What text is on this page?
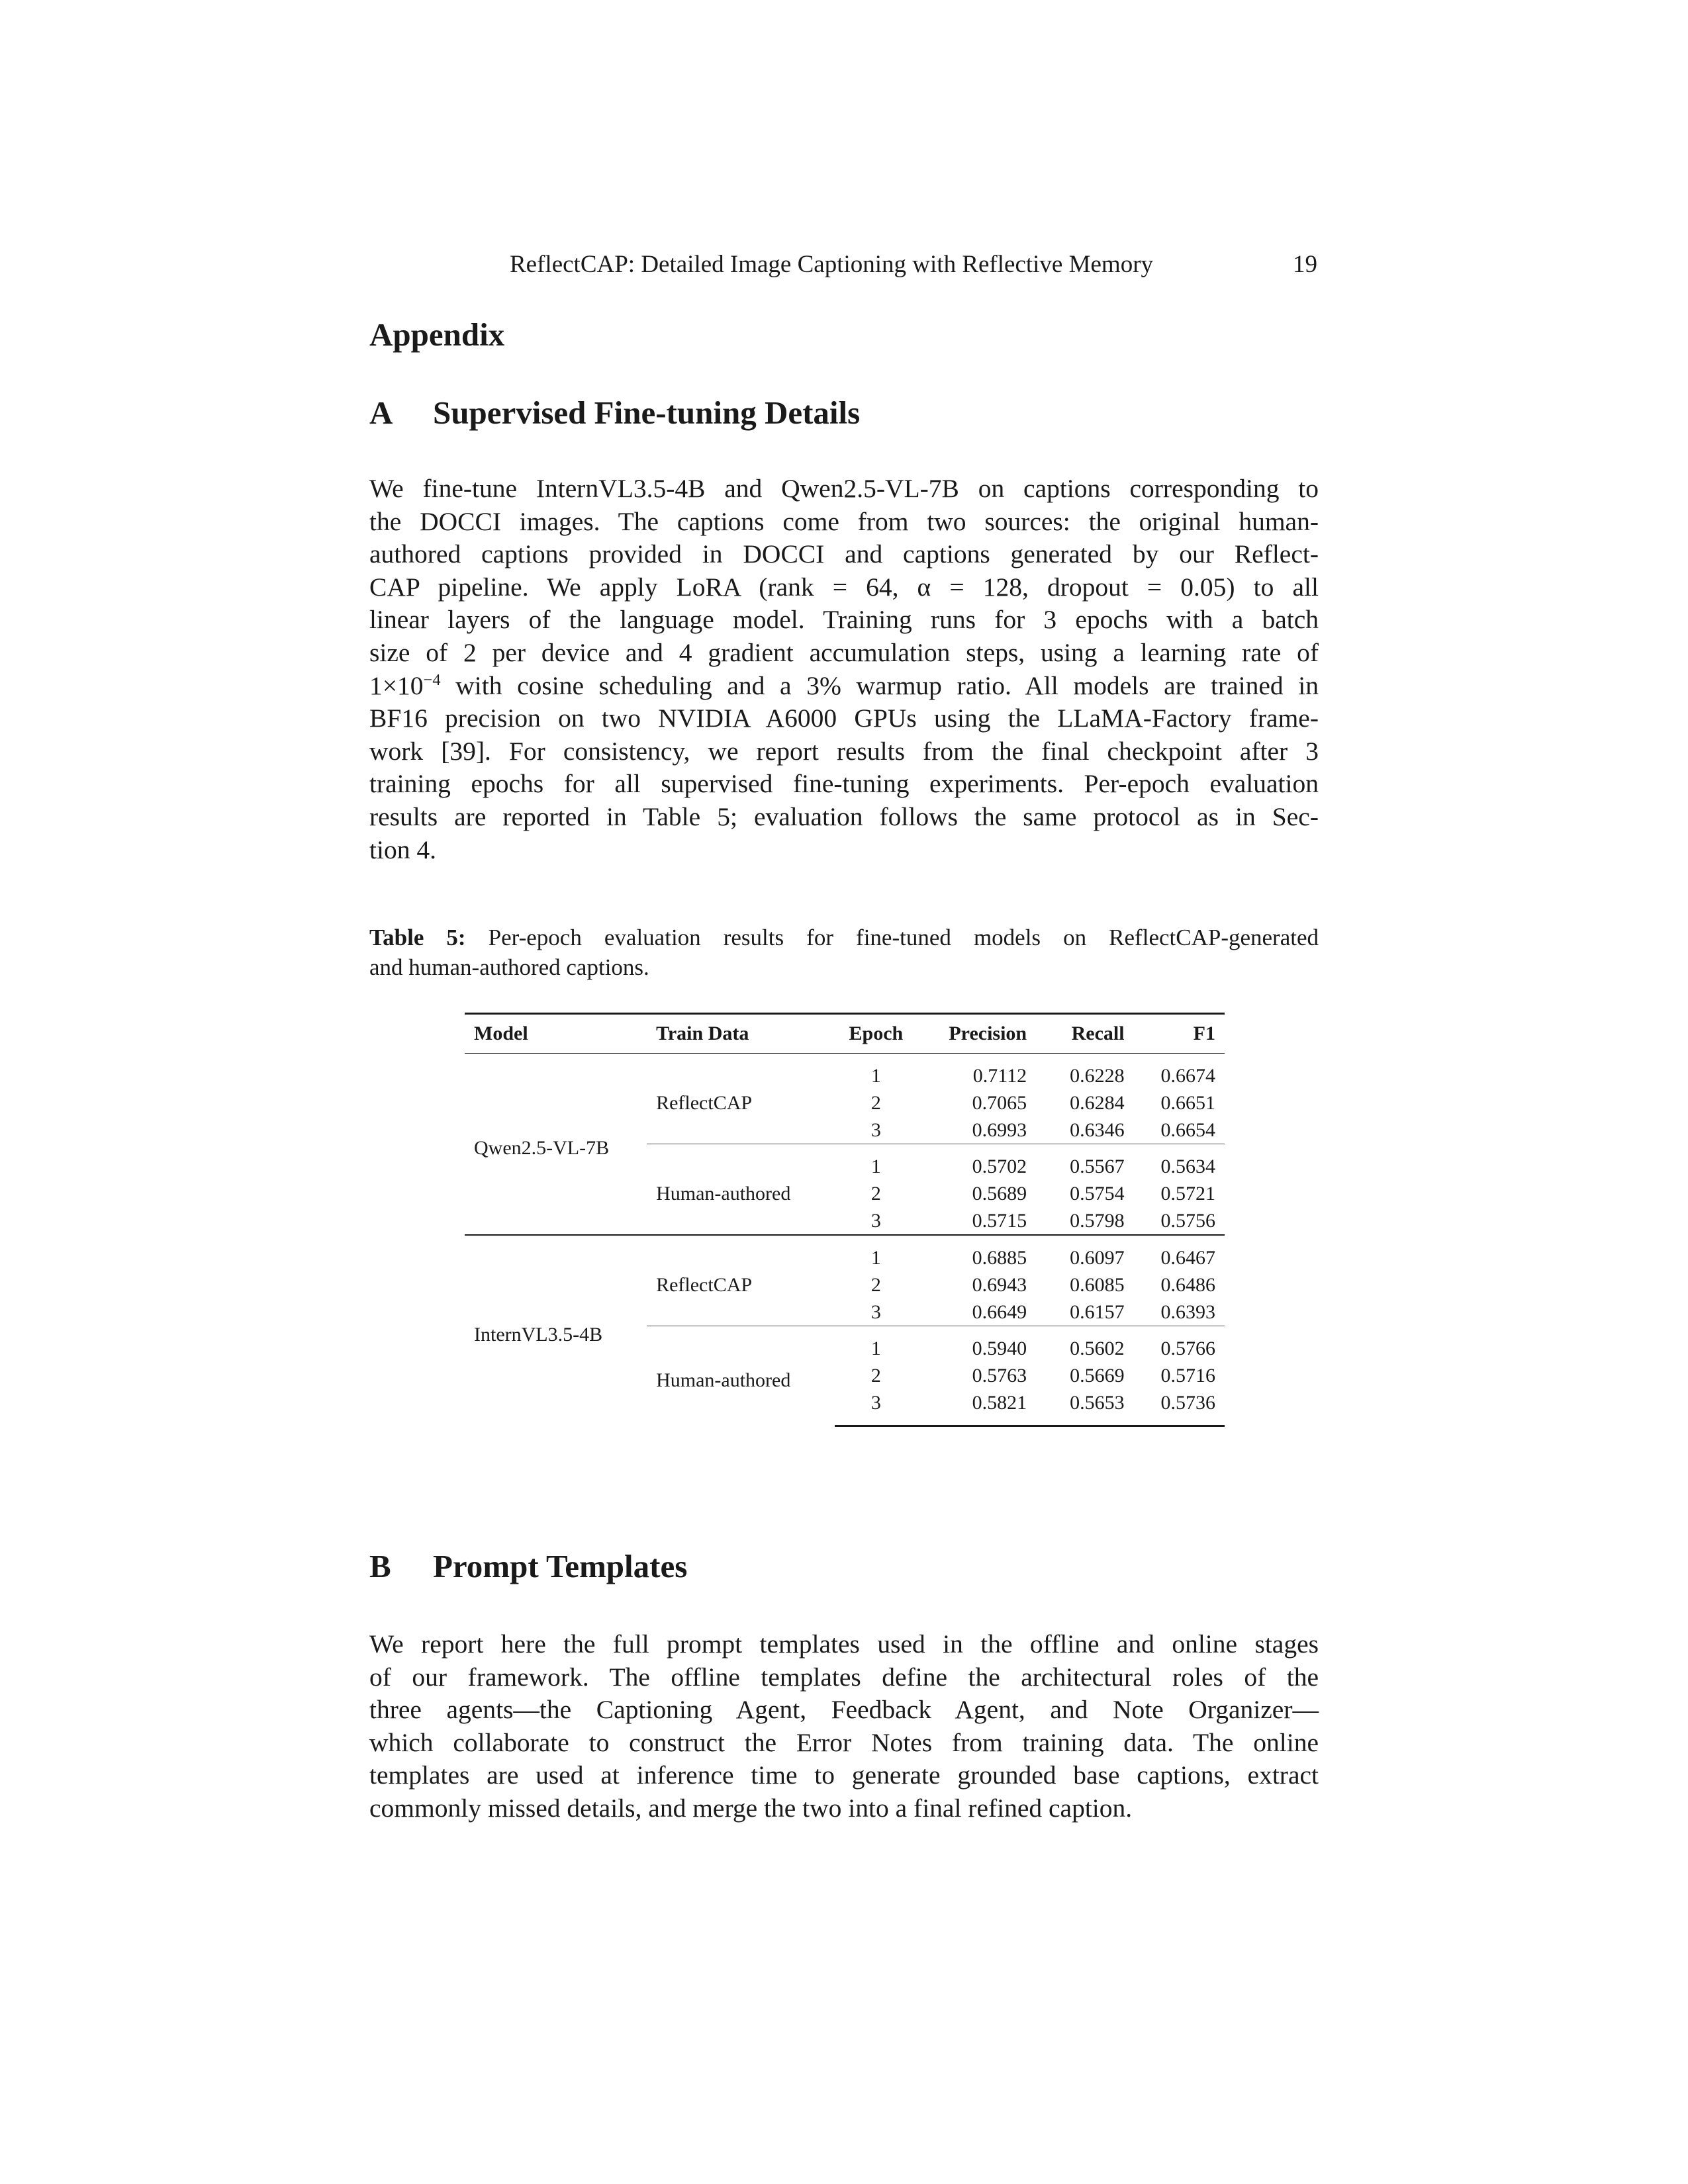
ReflectCAP: Detailed Image Captioning with Reflective Memory	19
Appendix
A Supervised Fine-tuning Details
We fine-tune InternVL3.5-4B and Qwen2.5-VL-7B on captions corresponding to
the DOCCI images. The captions come from two sources: the original human-
authored captions provided in DOCCI and captions generated by our Reflect-
CAP pipeline. We apply LoRA (rank = 64, α = 128, dropout = 0.05) to all
linear layers of the language model. Training runs for 3 epochs with a batch
size of 2 per device and 4 gradient accumulation steps, using a learning rate of
$1\times 10^{-4}$ with cosine scheduling and a 3% warmup ratio. All models are trained in
BF16 precision on two NVIDIA A6000 GPUs using the LLaMA-Factory frame-
work [39]. For consistency, we report results from the final checkpoint after 3
training epochs for all supervised fine-tuning experiments. Per-epoch evaluation
results are reported in Table 5; evaluation follows the same protocol as in Sec-
tion 4.
Table 5: Per-epoch evaluation results for fine-tuned models on ReflectCAP-generated
and human-authored captions.
Model	Train Data	Epoch	Precision	Recall	F1
Qwen2.5-VL-7B	ReflectCAP	1	0.7112	0.6228	0.6674
		2	0.7065	0.6284	0.6651
		3	0.6993	0.6346	0.6654
	Human-authored	1	0.5702	0.5567	0.5634
		2	0.5689	0.5754	0.5721
		3	0.5715	0.5798	0.5756
InternVL3.5-4B	ReflectCAP	1	0.6885	0.6097	0.6467
		2	0.6943	0.6085	0.6486
		3	0.6649	0.6157	0.6393
	Human-authored	1	0.5940	0.5602	0.5766
		2	0.5763	0.5669	0.5716
		3	0.5821	0.5653	0.5736
B Prompt Templates
We report here the full prompt templates used in the offline and online stages
of our framework. The offline templates define the architectural roles of the
three agents—the Captioning Agent, Feedback Agent, and Note Organizer—
which collaborate to construct the Error Notes from training data. The online
templates are used at inference time to generate grounded base captions, extract
commonly missed details, and merge the two into a final refined caption.
